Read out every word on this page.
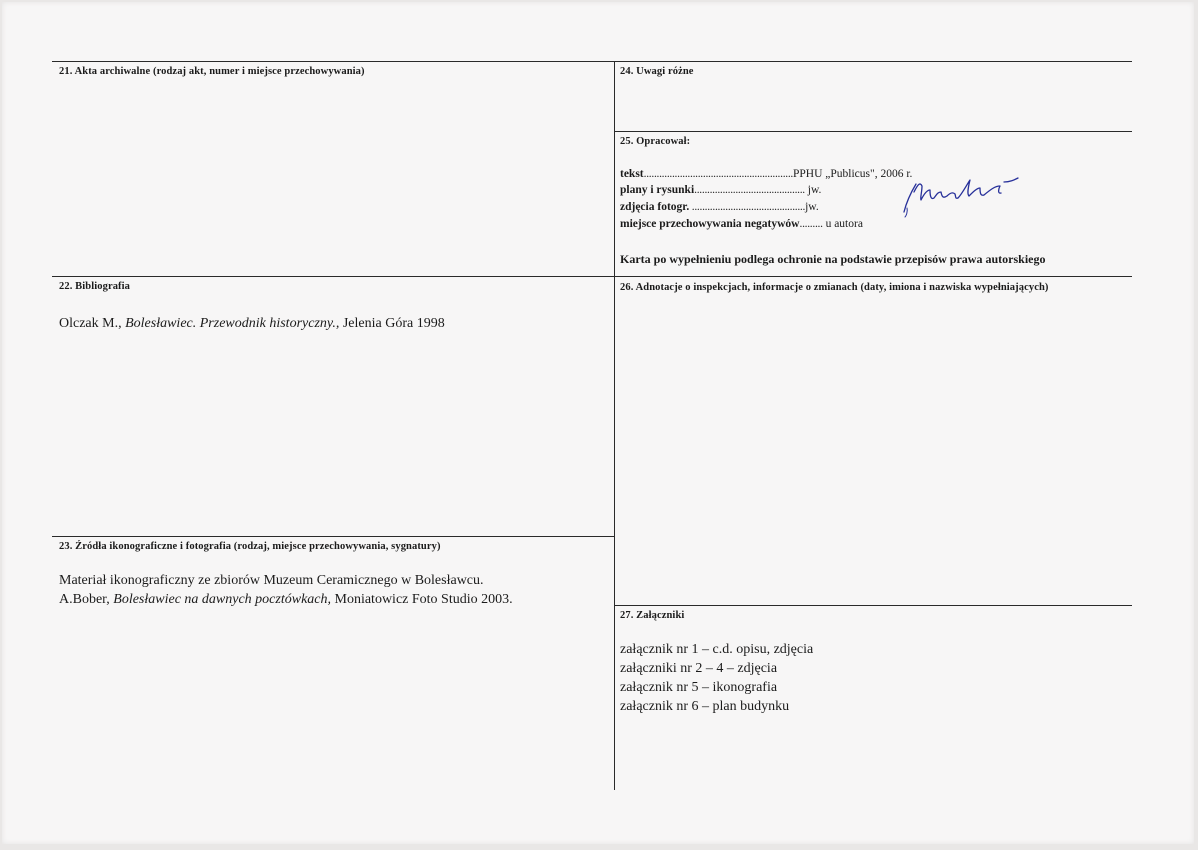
21. Akta archiwalne (rodzaj akt, numer i miejsce przechowywania)
22. Bibliografia
Olczak M., Bolesławiec. Przewodnik historyczny., Jelenia Góra 1998
23. Źródła ikonograficzne i fotografia (rodzaj, miejsce przechowywania, sygnatury)
Materiał ikonograficzny ze zbiorów Muzeum Ceramicznego w Bolesławcu.
A.Bober, Bolesławiec na dawnych pocztówkach, Moniatowicz Foto Studio 2003.
24. Uwagi różne
25. Opracował:
tekst..........................................................PPHU „Publicus", 2006 r.
plany i rysunki........................................... jw.
zdjęcia fotogr. ............................................jw.
miejsce przechowywania negatywów......... u autora
Karta po wypełnieniu podlega ochronie na podstawie przepisów prawa autorskiego
26. Adnotacje o inspekcjach, informacje o zmianach (daty, imiona i nazwiska wypełniających)
27. Załączniki
załącznik nr 1 – c.d. opisu, zdjęcia
załączniki nr 2 – 4 – zdjęcia
załącznik nr 5 – ikonografia
załącznik nr 6 – plan budynku
